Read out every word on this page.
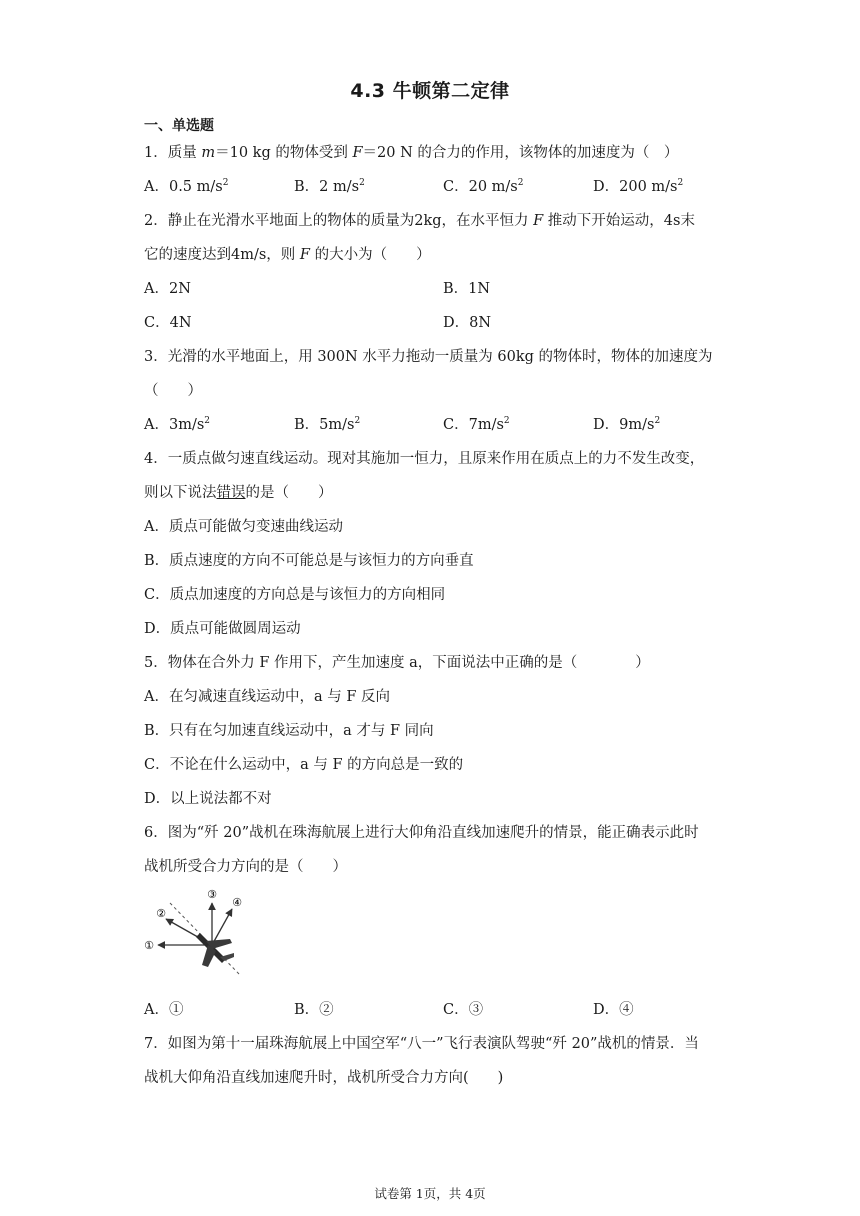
4.3 牛顿第二定律
一、单选题
1．质量 m＝10 kg 的物体受到 F＝20 N 的合力的作用，该物体的加速度为（　）
A．0.5 $m/s^2$	B．2 $m/s^2$	C．20 $m/s^2$	D．200 $m/s^2$
2．静止在光滑水平地面上的物体的质量为2kg，在水平恒力 F 推动下开始运动，4s末
它的速度达到4m/s，则 F 的大小为（　　）
A．2N	B．1N
C．4N	D．8N
3．光滑的水平地面上，用 300N 水平力拖动一质量为 60kg 的物体时，物体的加速度为
（　　）
A．$3m/s^2$	B．$5m/s^2$	C．$7m/s^2$	D．$9m/s^2$
4．一质点做匀速直线运动。现对其施加一恒力，且原来作用在质点上的力不发生改变，
则以下说法错误的是（　　）
A．质点可能做匀变速曲线运动
B．质点速度的方向不可能总是与该恒力的方向垂直
C．质点加速度的方向总是与该恒力的方向相同
D．质点可能做圆周运动
5．物体在合外力 F 作用下，产生加速度 a，下面说法中正确的是（　　　　）
A．在匀减速直线运动中，a 与 F 反向
B．只有在匀加速直线运动中，a 才与 F 同向
C．不论在什么运动中，a 与 F 的方向总是一致的
D．以上说法都不对
6．图为“歼 20”战机在珠海航展上进行大仰角沿直线加速爬升的情景，能正确表示此时
战机所受合力方向的是（　　）
①
②
③
④
A．①	B．②	C．③	D．④
7．如图为第十一届珠海航展上中国空军“八一”飞行表演队驾驶“歼 20”战机的情景．当
战机大仰角沿直线加速爬升时，战机所受合力方向(　　)
试卷第 1页，共 4页
